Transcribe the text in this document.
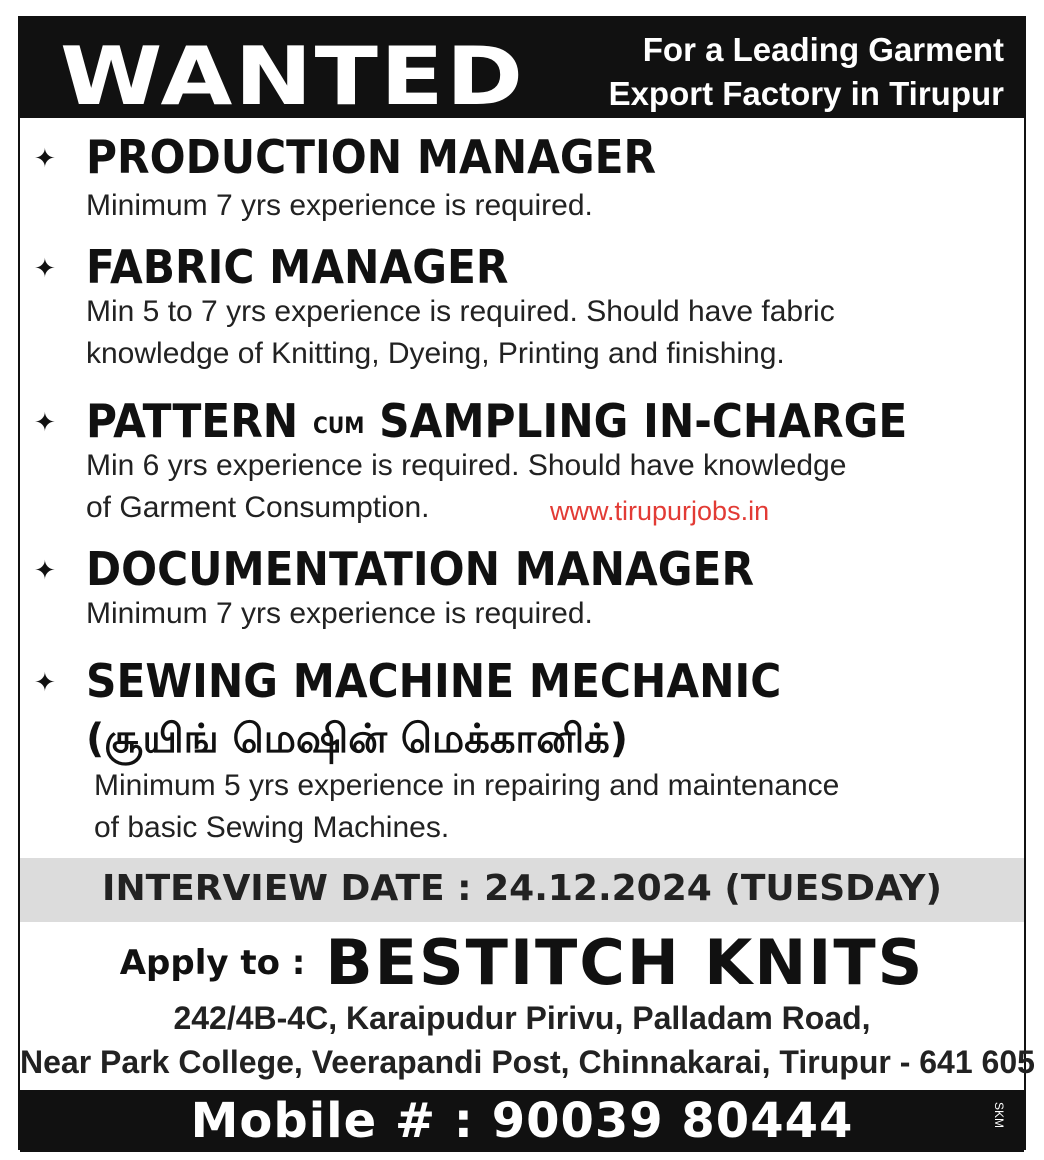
WANTED	For a Leading Garment
Export Factory in Tirupur
✦ PRODUCTION MANAGER
Minimum 7 yrs experience is required.
✦ FABRIC MANAGER
Min 5 to 7 yrs experience is required. Should have fabric
knowledge of Knitting, Dyeing, Printing and finishing.
✦ PATTERN CUM SAMPLING IN-CHARGE
Min 6 yrs experience is required. Should have knowledge
of Garment Consumption.	www.tirupurjobs.in
✦ DOCUMENTATION MANAGER
Minimum 7 yrs experience is required.
✦ SEWING MACHINE MECHANIC
(சூயிங் மெஷின் மெக்கானிக்)
Minimum 5 yrs experience in repairing and maintenance
of basic Sewing Machines.

INTERVIEW DATE : 24.12.2024 (TUESDAY)

Apply to : BESTITCH KNITS
242/4B-4C, Karaipudur Pirivu, Palladam Road,
Near Park College, Veerapandi Post, Chinnakarai, Tirupur - 641 605

Mobile # : 90039 80444	SKM
